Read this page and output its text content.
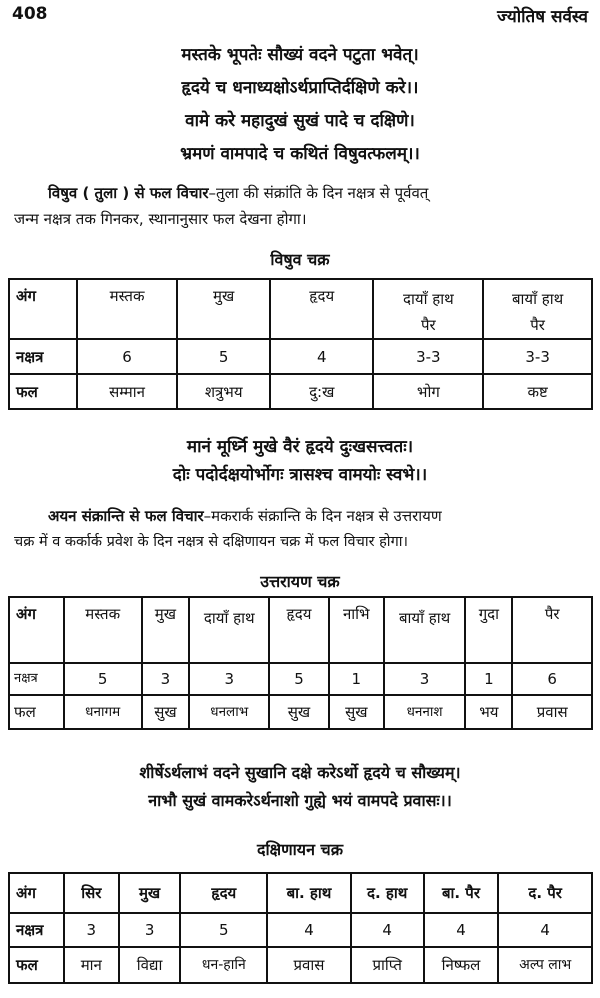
408	ज्योतिष सर्वस्व
मस्तके भूपतेः सौख्यं वदने पटुता भवेत्।
हृदये च धनाध्यक्षोऽर्थप्राप्तिर्दक्षिणे करे।।
वामे करे महादुखं सुखं पादे च दक्षिणे।
भ्रमणं वामपादे च कथितं विषुवत्फलम्।।
विषुव ( तुला ) से फल विचार–तुला की संक्रांति के दिन नक्षत्र से पूर्ववत्
जन्म नक्षत्र तक गिनकर, स्थानानुसार फल देखना होगा।
विषुव चक्र
अंग	मस्तक	मुख	हृदय	दायाँ हाथ पैर	बायाँ हाथ पैर
नक्षत्र	6	5	4	3-3	3-3
फल	सम्मान	शत्रुभय	दु:ख	भोग	कष्ट
मानं मूर्ध्नि मुखे वैरं हृदये दुःखसत्त्वतः।
दोः पदोर्दक्षयोर्भोगः त्रासश्च वामयोः स्वभे।।
अयन संक्रान्ति से फल विचार–मकरार्क संक्रान्ति के दिन नक्षत्र से उत्तरायण
चक्र में व कर्कार्क प्रवेश के दिन नक्षत्र से दक्षिणायन चक्र में फल विचार होगा।
उत्तरायण चक्र
अंग	मस्तक	मुख	दायाँ हाथ	हृदय	नाभि	बायाँ हाथ	गुदा	पैर
नक्षत्र	5	3	3	5	1	3	1	6
फल	धनागम	सुख	धनलाभ	सुख	सुख	धननाश	भय	प्रवास
शीर्षेऽर्थलाभं वदने सुखानि दक्षे करेऽर्थो हृदये च सौख्यम्।
नाभौ सुखं वामकरेऽर्थनाशो गुह्ये भयं वामपदे प्रवासः।।
दक्षिणायन चक्र
अंग	सिर	मुख	हृदय	बा. हाथ	द. हाथ	बा. पैर	द. पैर
नक्षत्र	3	3	5	4	4	4	4
फल	मान	विद्या	धन-हानि	प्रवास	प्राप्ति	निष्फल	अल्प लाभ
